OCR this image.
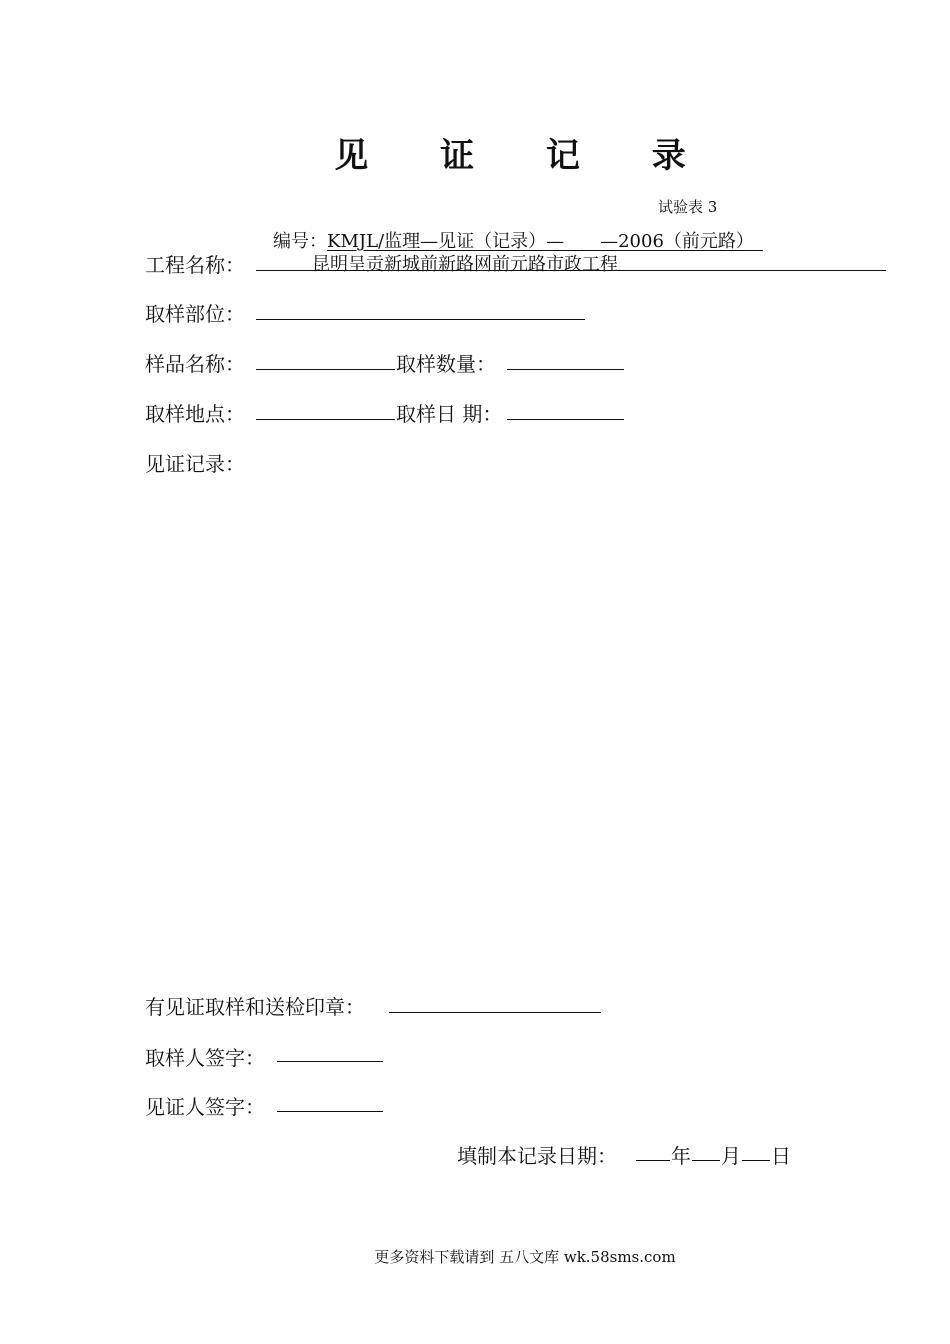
见 证 记 录
试验表 3
编号：KMJL/监理—见证（记录）—　　—2006（前元路）　
工程名称：	昆明呈贡新城前新路网前元路市政工程
取样部位：
样品名称：	取样数量：
取样地点：	取样日 期：
见证记录：
有见证取样和送检印章：
取样人签字：
见证人签字：
填制本记录日期：	年 月 日
更多资料下载请到 五八文库 wk.58sms.com
